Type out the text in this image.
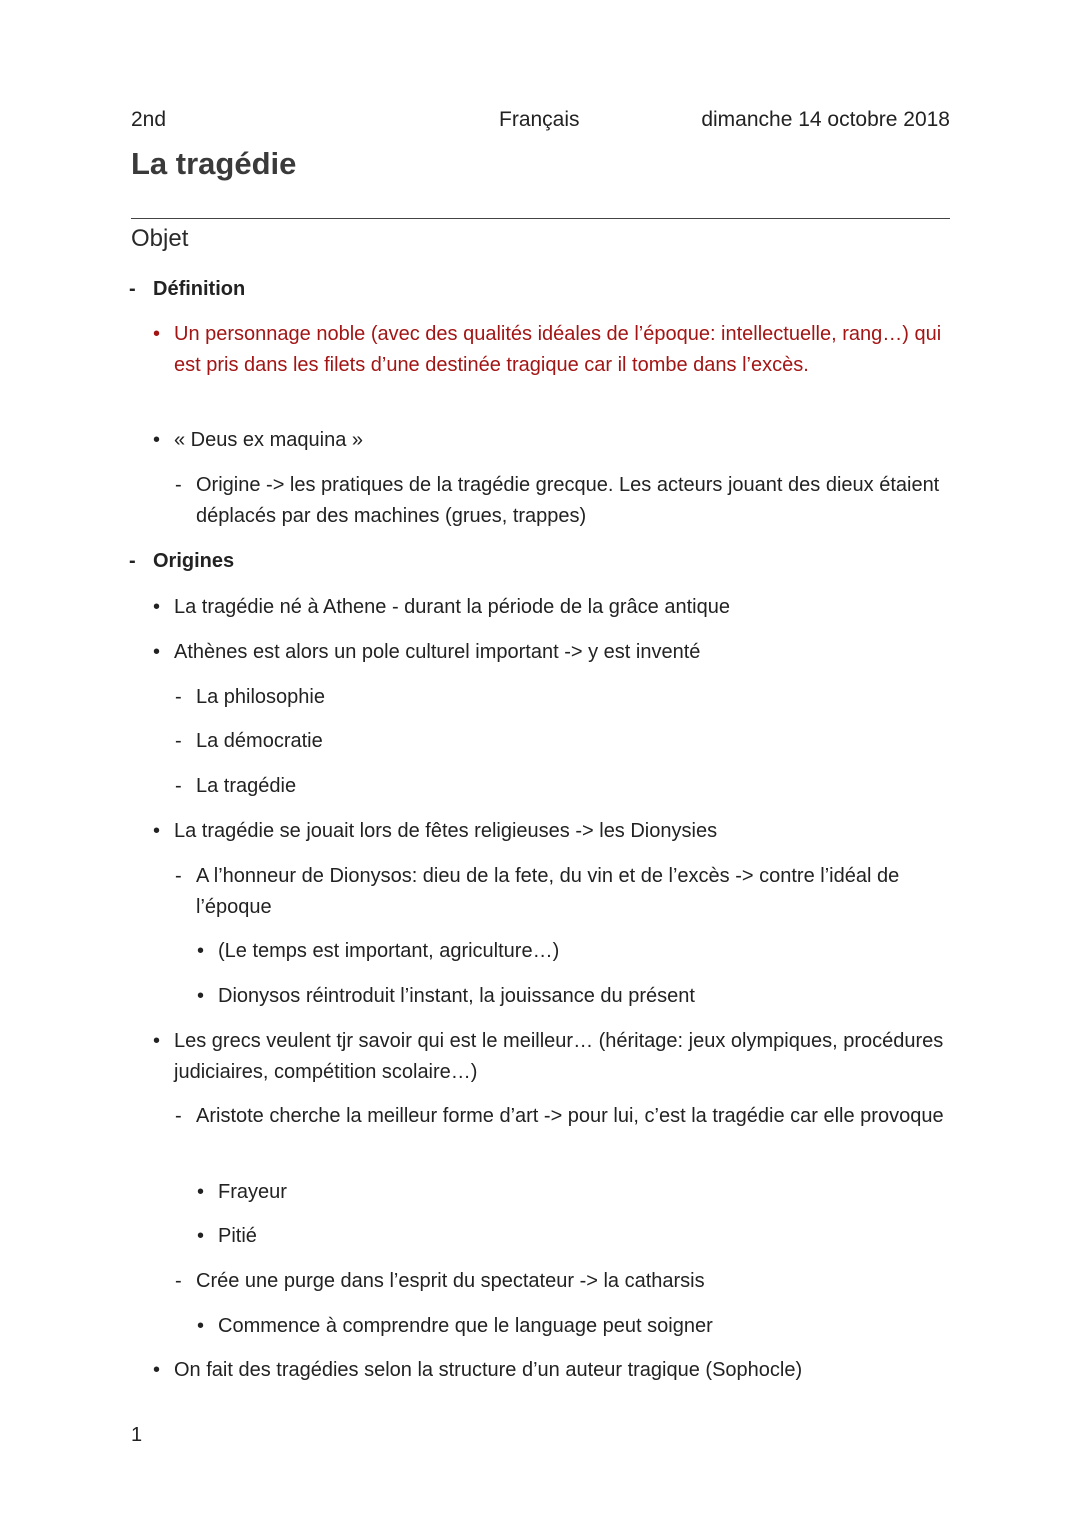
2nd	Français	dimanche 14 octobre 2018
La tragédie
Objet
- Définition
• Un personnage noble (avec des qualités idéales de l’époque: intellectuelle, rang…) qui est pris dans les filets d’une destinée tragique car il tombe dans l’excès.
• « Deus ex maquina »
- Origine -> les pratiques de la tragédie grecque. Les acteurs jouant des dieux étaient déplacés par des machines (grues, trappes)
- Origines
• La tragédie né à Athene - durant la période de la grâce antique
• Athènes est alors un pole culturel important -> y est inventé
- La philosophie
- La démocratie
- La tragédie
• La tragédie se jouait lors de fêtes religieuses -> les Dionysies
- A l’honneur de Dionysos: dieu de la fete, du vin et de l’excès -> contre l’idéal de l’époque
• (Le temps est important, agriculture…)
• Dionysos réintroduit l’instant, la jouissance du présent
• Les grecs veulent tjr savoir qui est le meilleur… (héritage: jeux olympiques, procédures judiciaires, compétition scolaire…)
- Aristote cherche la meilleur forme d’art -> pour lui, c’est la tragédie car elle provoque
• Frayeur
• Pitié
- Crée une purge dans l’esprit du spectateur -> la catharsis
• Commence à comprendre que le language peut soigner
• On fait des tragédies selon la structure d’un auteur tragique (Sophocle)
1
